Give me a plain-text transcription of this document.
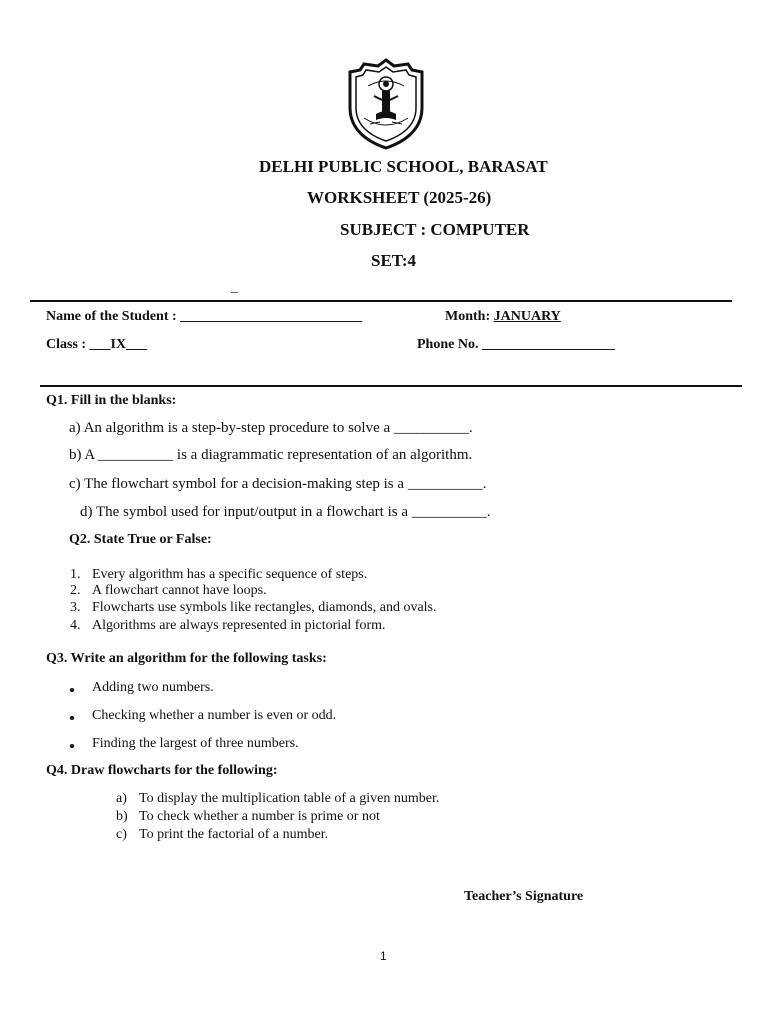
DELHI PUBLIC SCHOOL, BARASAT
WORKSHEET (2025-26)
SUBJECT : COMPUTER
SET:4
_
Name of the Student : __________________________	Month: JANUARY
Class : ___IX___	Phone No. ___________________
Q1. Fill in the blanks:
a) An algorithm is a step-by-step procedure to solve a __________.
b) A __________ is a diagrammatic representation of an algorithm.
c) The flowchart symbol for a decision-making step is a __________.
d) The symbol used for input/output in a flowchart is a __________.
Q2. State True or False:
1. Every algorithm has a specific sequence of steps.
2. A flowchart cannot have loops.
3. Flowcharts use symbols like rectangles, diamonds, and ovals.
4. Algorithms are always represented in pictorial form.
Q3. Write an algorithm for the following tasks:
Adding two numbers.
Checking whether a number is even or odd.
Finding the largest of three numbers.
Q4. Draw flowcharts for the following:
a) To display the multiplication table of a given number.
b) To check whether a number is prime or not
c) To print the factorial of a number.
Teacher’s Signature
1
